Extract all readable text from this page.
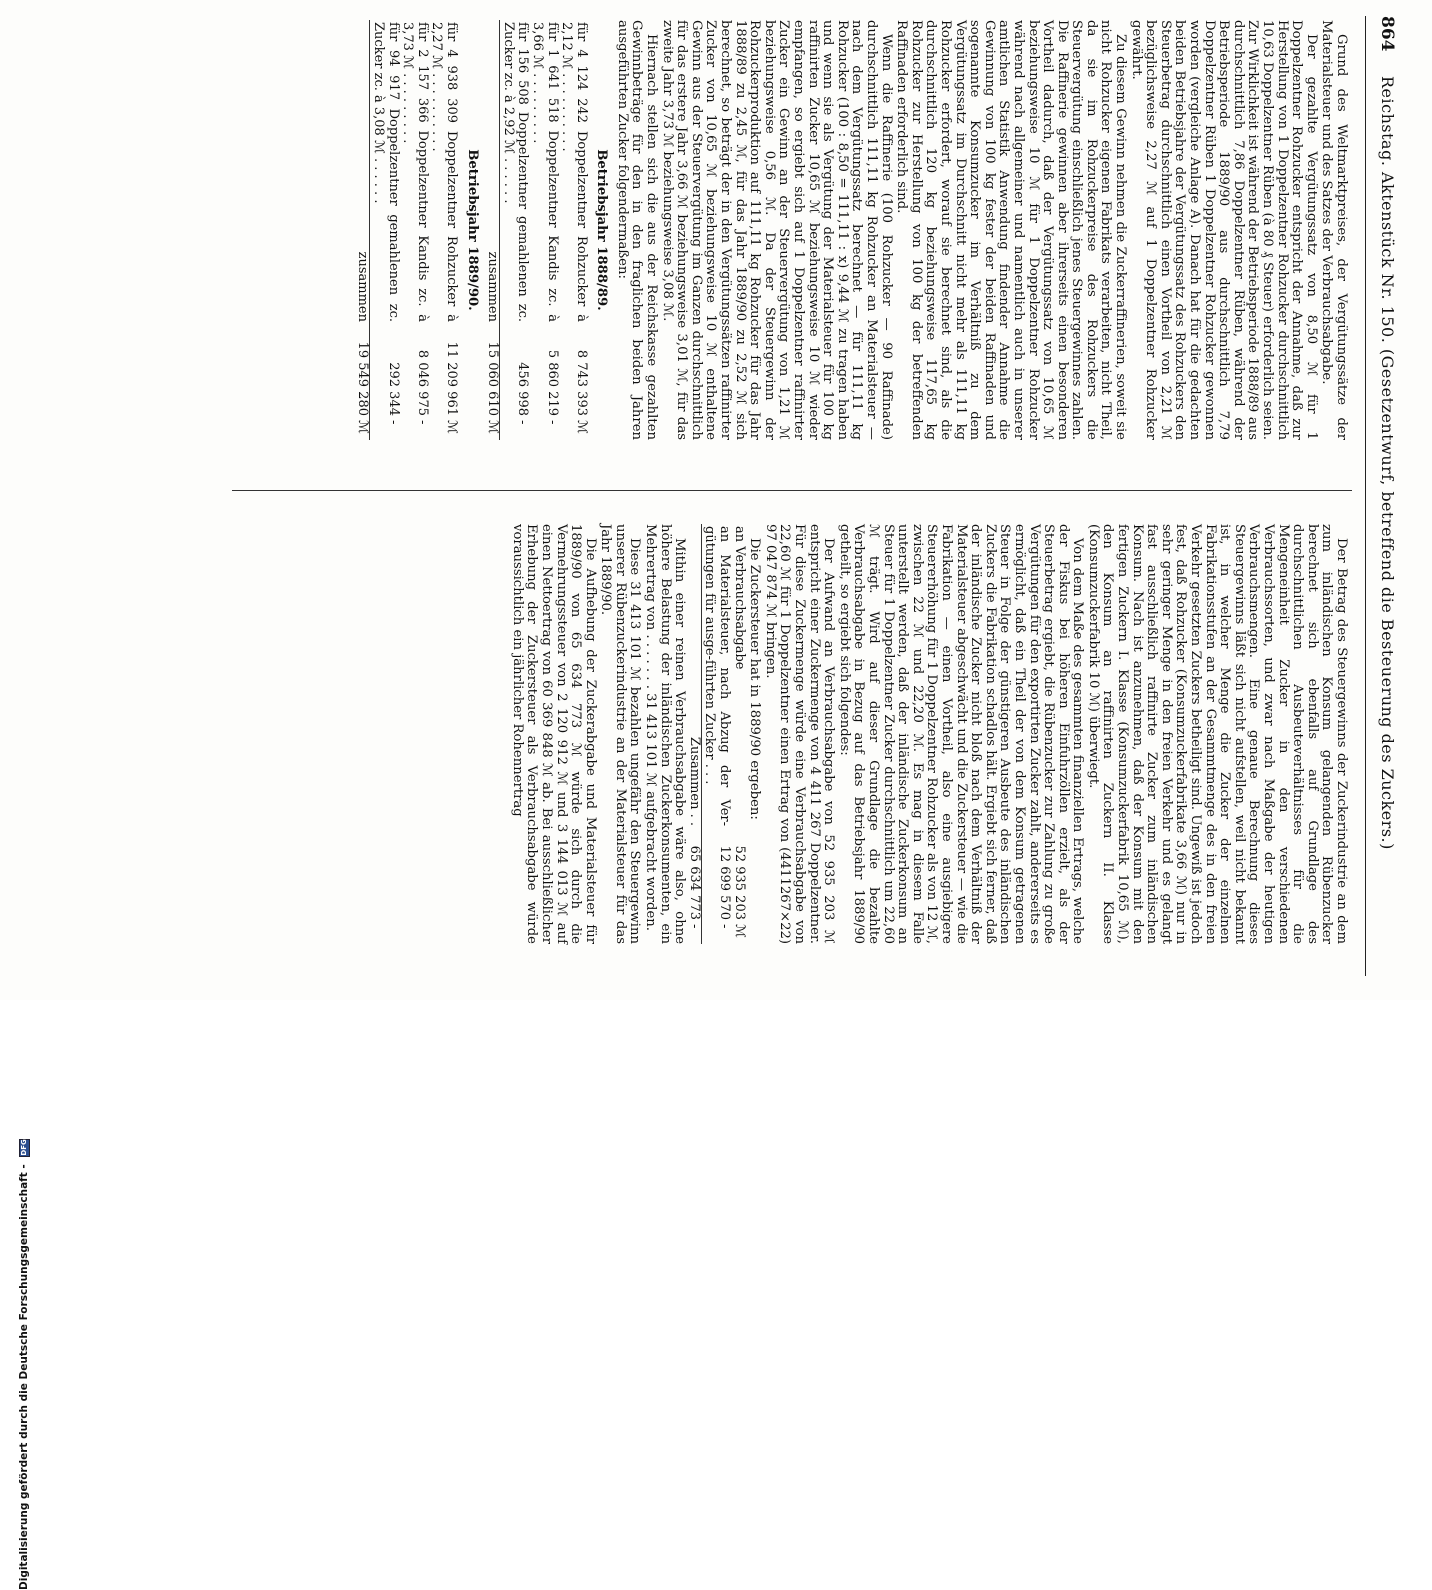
Digitalisierung gefördert durch die Deutsche Forschungsgemeinschaft - DFG
864
Reichstag. Aktenstück Nr. 150. (Gesetzentwurf, betreffend die Besteuerung des Zuckers.)

Grund des Weltmarktpreises, der Vergütungssätze der Materialsteuer und des Satzes der Verbrauchsabgabe.

Der gezahlte Vergütungssatz von 8,50 ℳ für 1 Doppelzentner Rohzucker entspricht der Annahme, daß zur Herstellung von 1 Doppelzentner Rohzucker durchschnittlich 10,63 Doppelzentner Rüben (à 80 ₰ Steuer) erforderlich seien. Zur Wirklichkeit ist während der Betriebsperiode 1888/89 aus durchschnittlich 7,86 Doppelzentner Rüben, während der Betriebsperiode 1889/90 aus durchschnittlich 7,79 Doppelzentner Rüben 1 Doppelzentner Rohzucker gewonnen worden (vergleiche Anlage A). Danach hat für die gedachten beiden Betriebsjahre der Vergütungssatz des Rohzuckers den Steuerbetrag durchschnittlich einen Vortheil von 2,21 ℳ bezüglichsweise 2,27 ℳ auf 1 Doppelzentner Rohzucker gewährt.

Zu diesem Gewinn nehmen die Zuckerraffinerien, soweit sie nicht Rohzucker eigenen Fabrikats verarbeiten, nicht Theil, da sie im Rohzuckerpreise des Rohzuckers die Steuervergütung einschließlich jenes Steuergewinnes zahlen. Die Raffinerie gewinnen aber ihrerseits einen besonderen Vortheil dadurch, daß der Vergütungssatz von 10,65 ℳ beziehungsweise 10 ℳ für 1 Doppelzentner Rohzucker während nach allgemeiner und namentlich auch in unserer amtlichen Statistik Anwendung findender Annahme die Gewinnung von 100 kg fester der beiden Raffinaden und sogenannte Konsumzucker im Verhältniß zu dem Vergütungssatz im Durchschnitt nicht mehr als 111,11 kg Rohzucker erfordert, worauf sie berechnet sind, als die durchschnittlich 120 kg beziehungsweise 117,65 kg Rohzucker zur Herstellung von 100 kg der betreffenden Raffinaden erforderlich sind.

Wenn die Raffinerie (100 Rohzucker — 90 Raffinade) durchschnittlich 111,11 kg Rohzucker an Materialsteuer — nach dem Vergütungssatz berechnet — für 111,11 kg Rohzucker (100 : 8,50 = 111,11 : x) 9,44 ℳ zu tragen haben und wenn sie als Vergütung der Materialsteuer für 100 kg raffinirten Zucker 10,65 ℳ beziehungsweise 10 ℳ wieder empfangen, so ergiebt sich auf 1 Doppelzentner raffinirter Zucker ein Gewinn an der Steuervergütung von 1,21 ℳ beziehungsweise 0,56 ℳ. Da der Steuergewinn der Rohzuckerproduktion auf 111,11 kg Rohzucker für das Jahr 1888/89 zu 2,45 ℳ, für das Jahr 1889/90 zu 2,52 ℳ sich berechnet, so beträgt der in den Vergütungssätzen raffinirter Zucker von 10,65 ℳ beziehungsweise 10 ℳ enthaltene Gewinn aus der Steuervergütung im Ganzen durchschnittlich für das erstere Jahr 3,66 ℳ beziehungsweise 3,01 ℳ, für das zweite Jahr 3,73 ℳ beziehungsweise 3,08 ℳ.

Hiernach stellen sich die aus der Reichskasse gezahlten Gewinnbeträge für den in den fraglichen beiden Jahren ausgeführten Zucker folgendermaßen:

Betriebsjahr 1888/89.

für 4 124 242 Doppelzentner Rohzucker à 2,12 ℳ . . . . . . . . . .	8 743 393	ℳ
für 1 641 518 Doppelzentner Kandis zc. à 3,66 ℳ . . . . . . . . .	5 860 219	-
für 156 508 Doppelzentner gemahlenen zc. Zucker zc. à 2,92 ℳ . . . . . .	456 998	-
zusammen	15 060 610	ℳ

Betriebsjahr 1889/90.

für 4 938 309 Doppelzentner Rohzucker à 2,27 ℳ . . . . . . . . . .	11 209 961	ℳ
für 2 157 366 Doppelzentner Kandis zc. à 3,73 ℳ . . . . . . . . .	8 046 975	-
für 94 917 Doppelzentner gemahlenen zc. Zucker zc. à 3,08 ℳ . . . . . .	292 344	-
zusammen	19 549 280	ℳ

Der Betrag des Steuergewinns der Zuckerindustrie an dem zum inländischen Konsum gelangenden Rübenzucker berechnet sich ebenfalls auf Grundlage des durchschnittlichen Ausbeuteverhältnisses für die Mengeneinheit Zucker in den verschiedenen Verbrauchssorten, und zwar nach Maßgabe der heutigen Verbrauchsmengen. Eine genaue Berechnung dieses Steuergewinns läßt sich nicht aufstellen, weil nicht bekannt ist, in welcher Menge die Zucker der einzelnen Fabrikationsstufen an der Gesammtmenge des in den freien Verkehr gesetzten Zuckers betheiligt sind. Ungewiß ist jedoch fest, daß Rohzucker (Konsumzuckerfabrikate 3,66 ℳ) nur in sehr geringer Menge in den freien Verkehr und es gelangt fast ausschließlich raffinirte Zucker zum inländischen Konsum. Nach ist anzunehmen, daß der Konsum mit den fertigen Zuckern I. Klasse (Konsumzuckerfabrik 10,65 ℳ), den Konsum an raffinirten Zuckern II. Klasse (Konsumzuckerfabrik 10 ℳ) überwiegt.

Von dem Maße des gesammten finanziellen Ertrags, welche der Fiskus bei höheren Einfuhrzöllen erzielt, als der Steuerbetrag ergiebt, die Rübenzucker zur Zahlung zu große Vergütungen für den exportirten Zucker zahlt, andererseits es ermöglicht, daß ein Theil der von dem Konsum getragenen Steuer in Folge der günstigeren Ausbeute des inländischen Zuckers die Fabrikation schadlos hält. Ergiebt sich ferner, daß der inländische Zucker nicht bloß nach dem Verhältniß der Materialsteuer abgeschwächt und die Zuckersteuer — wie die Fabrikation — einen Vortheil, also eine ausgiebigere Steuererhöhung für 1 Doppelzentner Rohzucker als von 12 ℳ, zwischen 22 ℳ und 22,20 ℳ. Es mag in diesem Falle unterstellt werden, daß der inländische Zuckerkonsum an Steuer für 1 Doppelzentner Zucker durchschnittlich um 22,60 ℳ trägt. Wird auf dieser Grundlage die bezahlte Verbrauchsabgabe in Bezug auf das Betriebsjahr 1889/90 getheilt, so ergiebt sich folgendes:

Der Aufwand an Verbrauchsabgabe von 52 935 203 ℳ entspricht einer Zuckermenge von 4 411 267 Doppelzentner. Für diese Zuckermenge würde eine Verbrauchsabgabe von 22,60 ℳ für 1 Doppelzentner einen Ertrag von (4411267×22) 97 047 874 ℳ bringen.

Die Zuckersteuer hat in 1889/90 ergeben:

an Verbrauchsabgabe	52 935 203	ℳ
an Materialsteuer, nach Abzug der Ver-gütungen für ausge-führten Zucker . . .	12 699 570	-
Zusammen . .	65 634 773	-

Mithin einer reinen Verbrauchsabgabe wäre also, ohne höhere Belastung der inländischen Zuckerkonsumenten, ein Mehrertrag von . . . . . . . 31 413 101 ℳ aufgebracht worden.

Diese 31 413 101 ℳ bezahlen ungefähr den Steuergewinn unserer Rübenzuckerindustrie an der Materialsteuer für das Jahr 1889/90.

Die Aufhebung der Zuckerabgabe und Materialsteuer für 1889/90 von 65 634 773 ℳ würde sich durch die Vermehrungssteuer von 2 120 912 ℳ und 3 144 013 ℳ auf einen Nettoertrag von 60 369 848 ℳ ab. Bei ausschließlicher Erhebung der Zuckersteuer als Verbrauchsabgabe würde voraussichtlich ein jährlicher Rohennertrag
